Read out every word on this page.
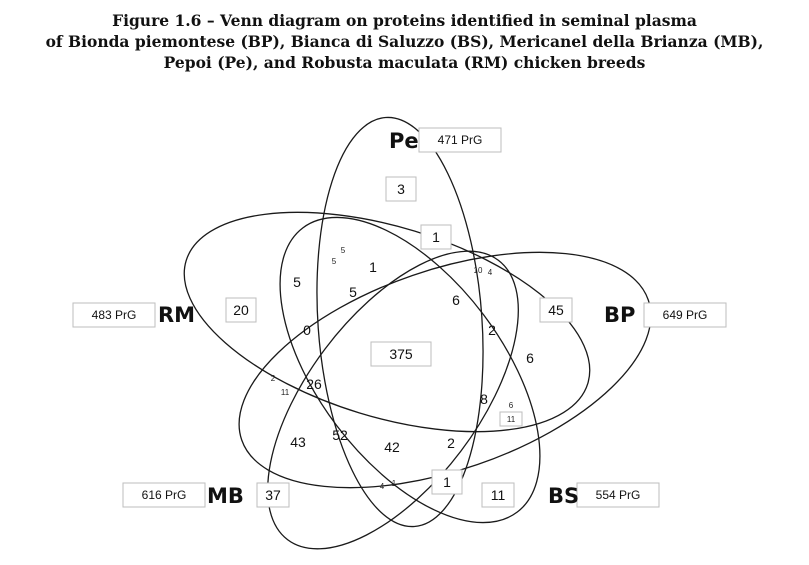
Figure 1.6 – Venn diagram on proteins identified in seminal plasma
of Bionda piemontese (BP), Bianca di Saluzzo (BS), Mericanel della Brianza (MB),
Pepoi (Pe), and Robusta maculata (RM) chicken breeds
Pe
BP
BS
MB
RM
471 PrG
649 PrG
554 PrG
616 PrG
483 PrG
3
1
20	45
375
37
1
11
5
5
1
6
2
6
0
26
8
43 52
42	2
5
5
10 4
2
11
6
11
4 1
